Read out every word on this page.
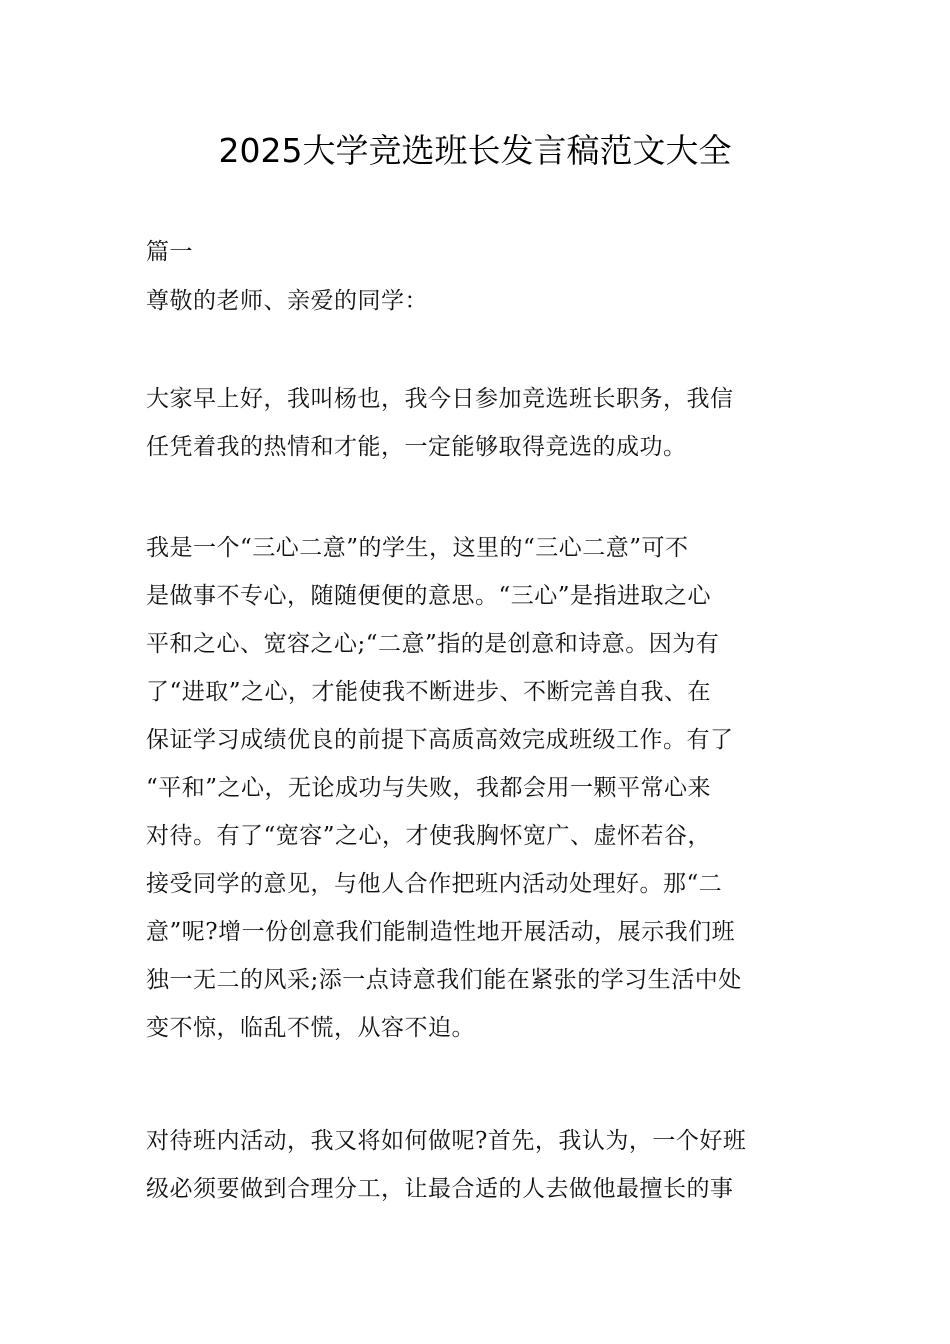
2025大学竞选班长发言稿范文大全

篇一

尊敬的老师、亲爱的同学：

大家早上好，我叫杨也，我今日参加竞选班长职务，我信
任凭着我的热情和才能，一定能够取得竞选的成功。
我是一个“三心二意”的学生，这里的“三心二意”可不
是做事不专心，随随便便的意思。“三心”是指进取之心
平和之心、宽容之心;“二意”指的是创意和诗意。因为有
了“进取”之心，才能使我不断进步、不断完善自我、在
保证学习成绩优良的前提下高质高效完成班级工作。有了
“平和”之心，无论成功与失败，我都会用一颗平常心来
对待。有了“宽容”之心，才使我胸怀宽广、虚怀若谷，
接受同学的意见，与他人合作把班内活动处理好。那“二
意”呢?增一份创意我们能制造性地开展活动，展示我们班
独一无二的风采;添一点诗意我们能在紧张的学习生活中处
变不惊，临乱不慌，从容不迫。
对待班内活动，我又将如何做呢?首先，我认为，一个好班
级必须要做到合理分工，让最合适的人去做他最擅长的事
